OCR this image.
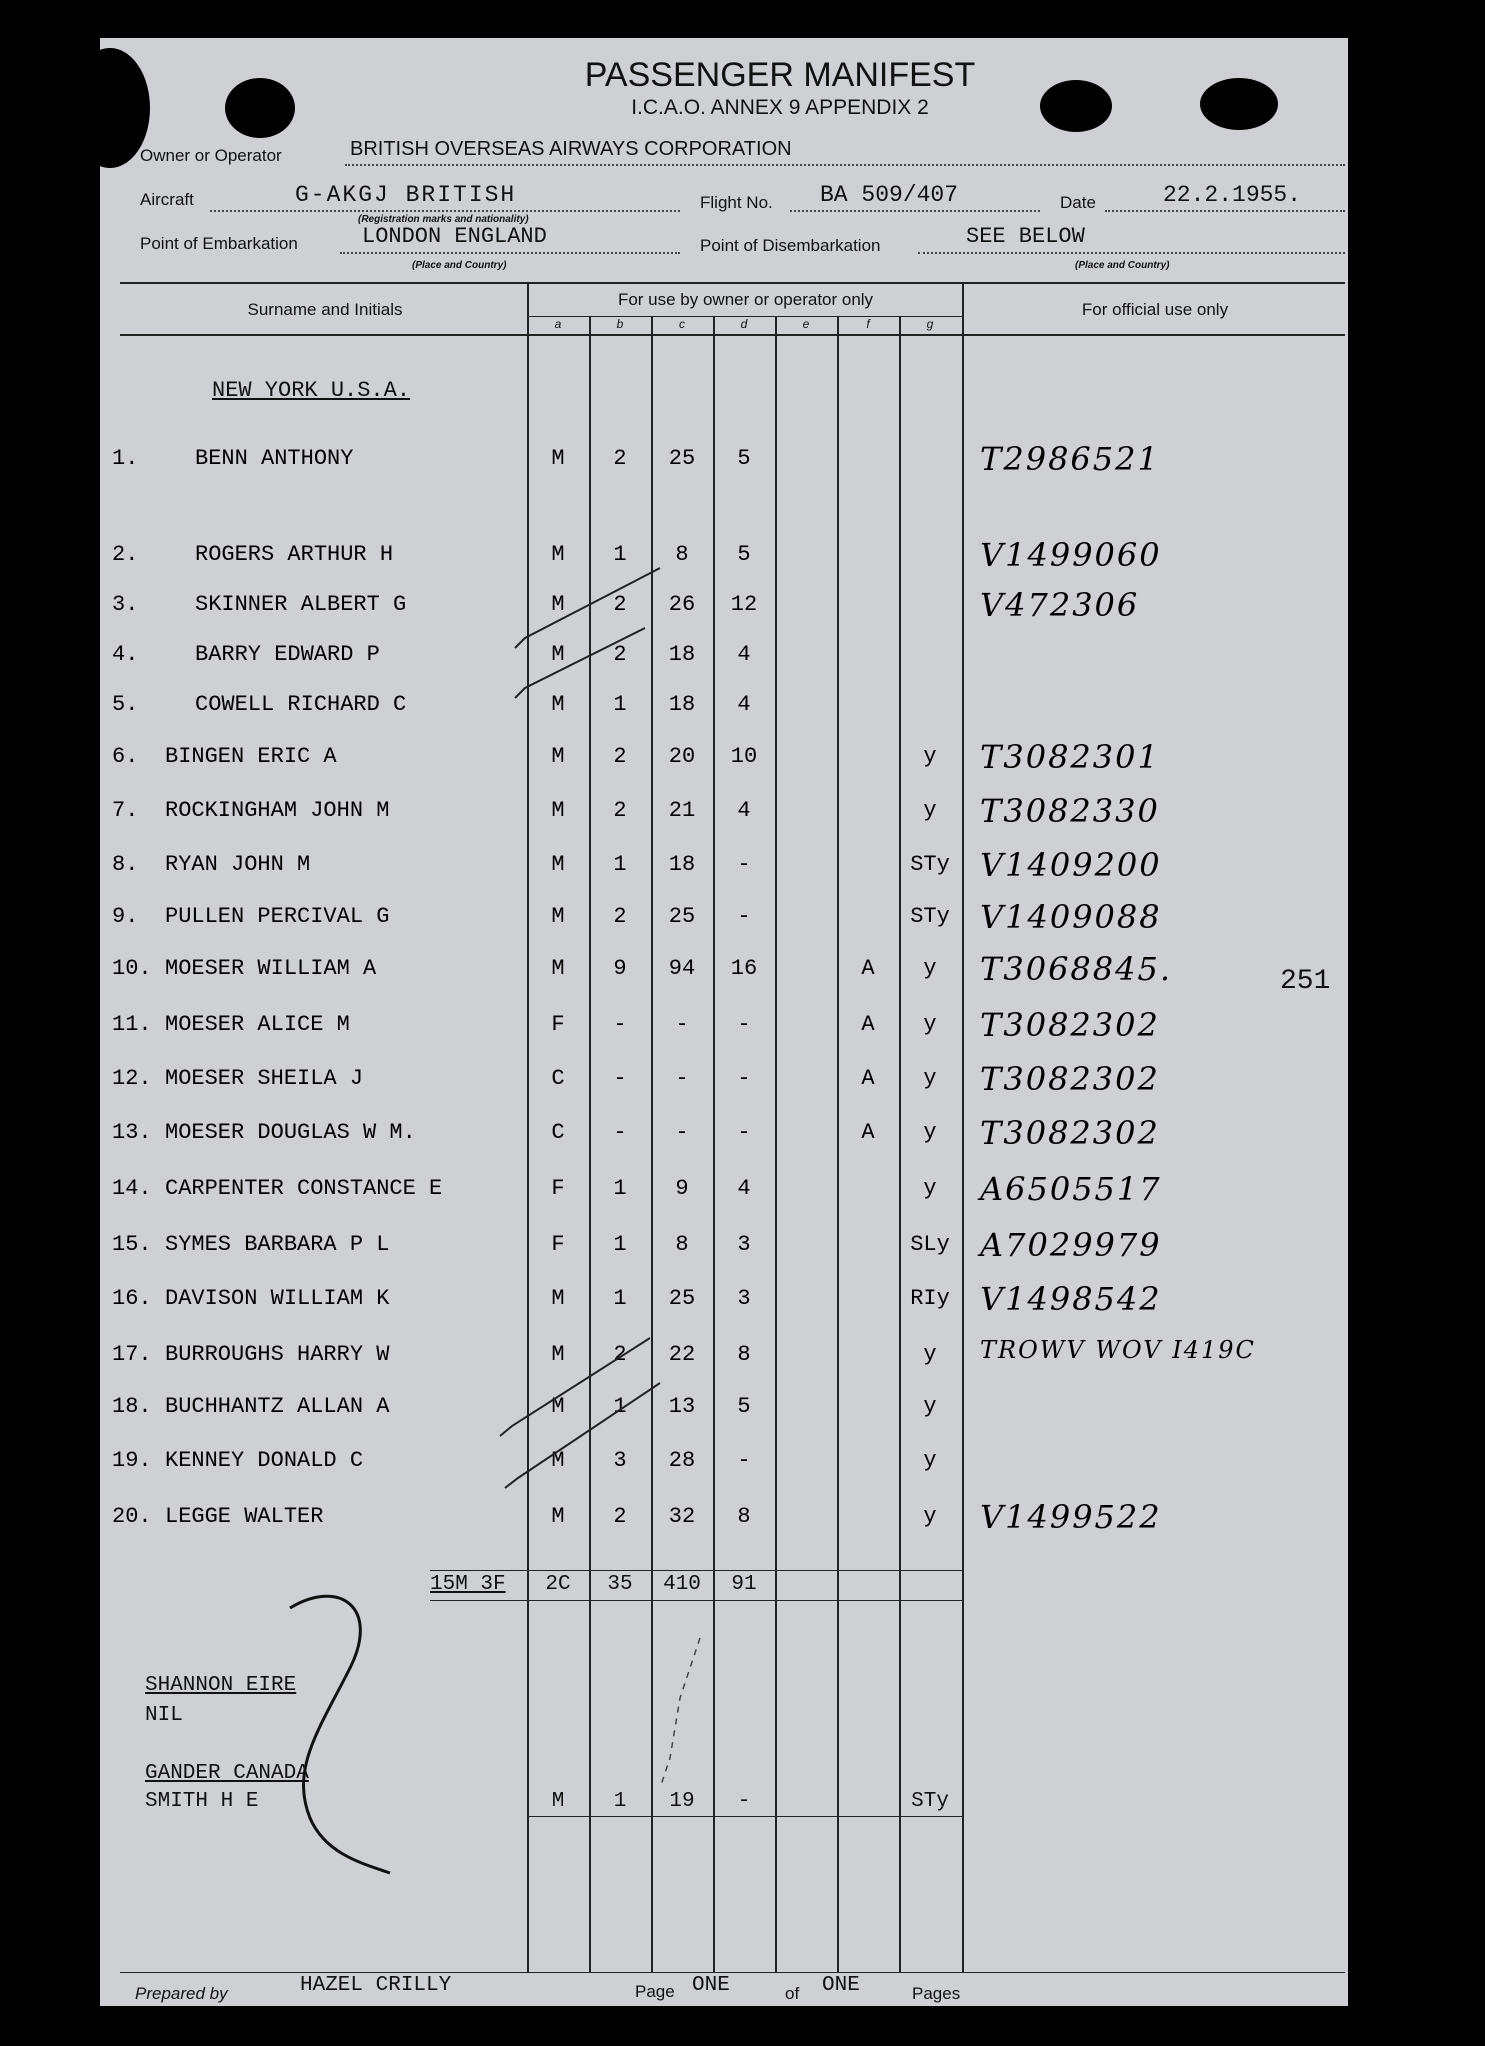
PASSENGER MANIFEST
I.C.A.O. ANNEX 9 APPENDIX 2
Owner or Operator	BRITISH OVERSEAS AIRWAYS CORPORATION
Aircraft	G-AKGJ BRITISH	Flight No. BA 509/407	Date	22.2.1955.
(Registration marks and nationality)
Point of Embarkation	LONDON ENGLAND
(Place and Country)
Point of Disembarkation	SEE BELOW
(Place and Country)
Surname and Initials
For use by owner or operator only
For official use only
a	b	c	d	e	f	g
NEW YORK U.S.A.
1.	BENN ANTHONY	M	2	25	5	T2986521
2.	ROGERS ARTHUR H	M	1	8	5	V1499060
3.	SKINNER ALBERT G	M	2	26	12	V472306
4.	BARRY EDWARD P	M	2	18	4
5.	COWELL RICHARD C	M	1	18	4
6. BINGEN ERIC A	M	2	20	10	y	T3082301
7. ROCKINGHAM JOHN M	M	2	21	4	y	T3082330
8. RYAN JOHN M	M	1	18	-	STy V1409200
9. PULLEN PERCIVAL G	M	2	25	-	STy V1409088
10. MOESER WILLIAM A	M	9	94	16	A	y	T3068845.
11. MOESER ALICE M	F	-	-	-	A	y	T3082302
12. MOESER SHEILA J	C	-	-	-	A	y	T3082302
13. MOESER DOUGLAS W M.	C	-	-	-	A	y	T3082302
14. CARPENTER CONSTANCE E	F	1	9	4	y	A6505517
15. SYMES BARBARA P L	F	1	8	3	SLy A7029979
16. DAVISON WILLIAM K	M	1	25	3	RIy V1498542
17. BURROUGHS HARRY W	M	2	22	8	y	TROWV WOV I419C
18. BUCHHANTZ ALLAN A	M	1	13	5	y
19. KENNEY DONALD C	M	3	28	-	y
20. LEGGE WALTER	M	2	32	8	y	V1499522
251
15M 3F	2C	35	410	91
SHANNON EIRE
NIL
GANDER CANADA
SMITH H E	M	1	19	-	STy
Prepared by	HAZEL CRILLY	Page ONE	of ONE	Pages
